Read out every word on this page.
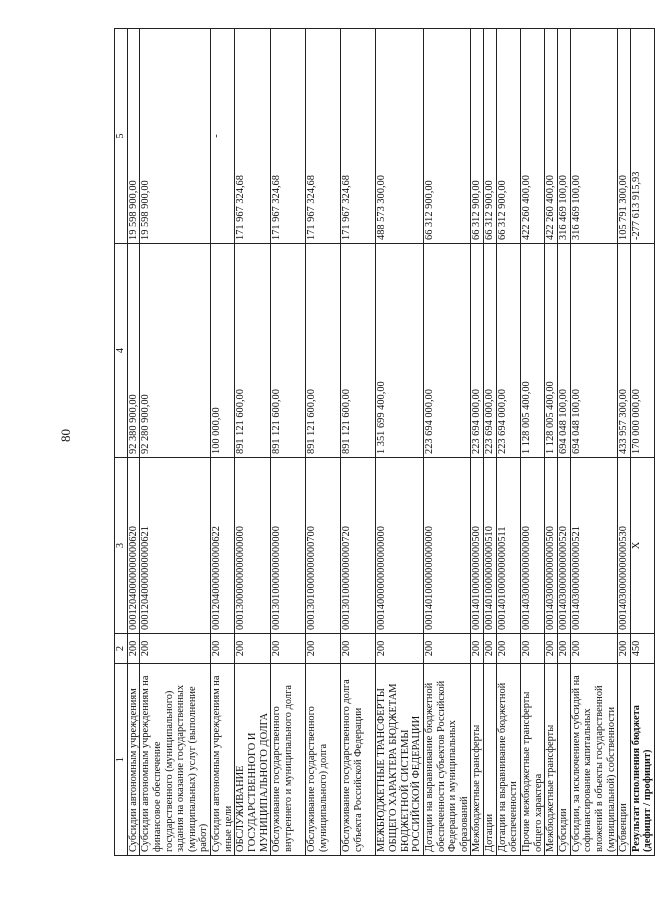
80
1	2	3	4	5
Субсидии автономным учреждениям	200	00012040000000000620	92 380 900,00	19 598 900,00
Субсидии автономным учреждениям на финансовое обеспечение государственного (муниципального) задания на оказание государственных (муниципальных) услуг (выполнение работ)	200	00012040000000000621	92 280 900,00	19 598 900,00
Субсидии автономным учреждениям на иные цели	200	00012040000000000622	100 000,00	-
ОБСЛУЖИВАНИЕ ГОСУДАРСТВЕННОГО И МУНИЦИПАЛЬНОГО ДОЛГА	200	00013000000000000000	891 121 600,00	171 967 324,68
Обслуживание государственного внутреннего и муниципального долга	200	00013010000000000000	891 121 600,00	171 967 324,68
Обслуживание государственного (муниципального) долга	200	00013010000000000700	891 121 600,00	171 967 324,68
Обслуживание государственного долга субъекта Российской Федерации	200	00013010000000000720	891 121 600,00	171 967 324,68
МЕЖБЮДЖЕТНЫЕ ТРАНСФЕРТЫ ОБЩЕГО ХАРАКТЕРА БЮДЖЕТАМ БЮДЖЕТНОЙ СИСТЕМЫ РОССИЙСКОЙ ФЕДЕРАЦИИ	200	00014000000000000000	1 351 699 400,00	488 573 300,00
Дотации на выравнивание бюджетной обеспеченности субъектов Российской Федерации и муниципальных образований	200	00014010000000000000	223 694 000,00	66 312 900,00
Межбюджетные трансферты	200	00014010000000000500	223 694 000,00	66 312 900,00
Дотации	200	00014010000000000510	223 694 000,00	66 312 900,00
Дотации на выравнивание бюджетной обеспеченности	200	00014010000000000511	223 694 000,00	66 312 900,00
Прочие межбюджетные трансферты общего характера	200	00014030000000000000	1 128 005 400,00	422 260 400,00
Межбюджетные трансферты	200	00014030000000000500	1 128 005 400,00	422 260 400,00
Субсидии	200	00014030000000000520	694 048 100,00	316 469 100,00
Субсидии, за исключением субсидий на софинансирование капитальных вложений в объекты государственной (муниципальной) собственности	200	00014030000000000521	694 048 100,00	316 469 100,00
Субвенции	200	00014030000000000530	433 957 300,00	105 791 300,00
Результат исполнения бюджета (дефицит / профицит)	450	X	170 000 000,00	-277 613 915,93
